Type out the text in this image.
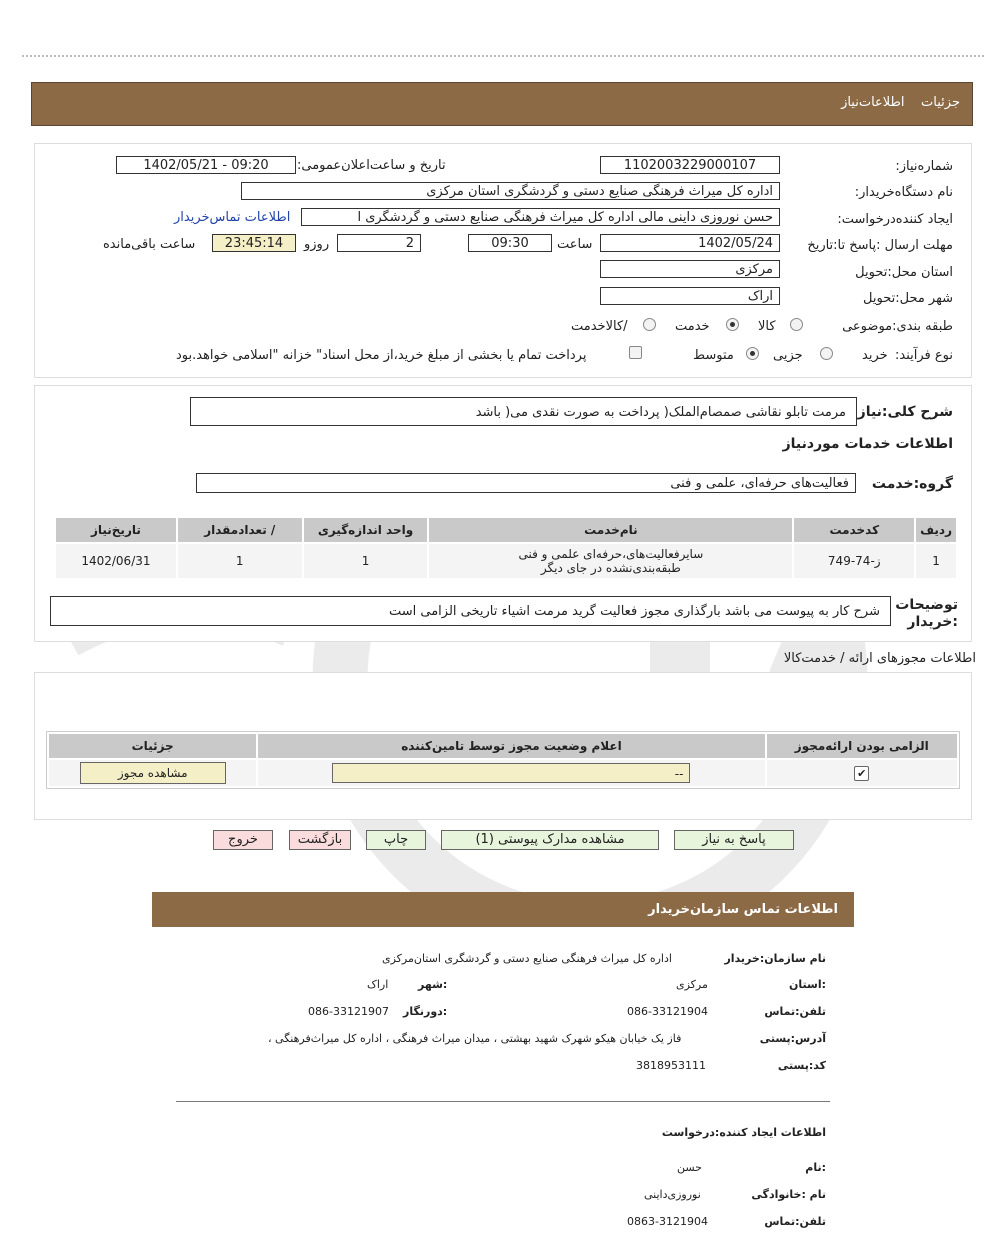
جزئیات    اطلاعات‌نیاز
شماره‌نیاز:
1102003229000107
تاریخ و ساعت‌اعلان‌عمومی:
1402/05/21 - 09:20
نام دستگاه‌خریدار:
اداره کل میراث فرهنگی صنایع دستی و گردشگری استان مرکزی
ایجاد کننده‌درخواست:
حسن نوروزی داینی مالی اداره کل میراث فرهنگی صنایع دستی و گردشگری ا
اطلاعات تماس‌خریدار
مهلت ارسال :پاسخ تا:تاریخ
1402/05/24
ساعت
09:30
2
روزو
23:45:14
ساعت باقی‌مانده
استان محل:تحویل
مرکزی
شهر محل:تحویل
اراک
طبقه بندی:موضوعی
کالا
خدمت
/کالاخدمت
نوع فرآیند:
خرید
جزیی
متوسط
پرداخت تمام یا بخشی از مبلغ خرید،از محل اسناد" خزانه "اسلامی خواهد.بود
شرح کلی:نیاز
مرمت تابلو نقاشی صمصام‌الملک( پرداخت به صورت نقدی می( باشد
اطلاعات خدمات موردنیاز
گروه:خدمت
فعالیت‌های حرفه‌ای، علمی و فنی
ردیف	کدخدمت	نام‌خدمت	واحد اندازه‌گیری	/ تعدادمقدار	تاریخ‌نیاز
1	ز-74-749	سایرفعالیت‌های،حرفه‌ای علمی و فنی
طبقه‌بندی‌نشده در جای دیگر	1	1	1402/06/31
توضیحات
:خریدار
شرح کار به پیوست می باشد بارگذاری مجوز فعالیت گرید مرمت اشیاء تاریخی الزامی است
اطلاعات مجوزهای ارائه / خدمت‌کالا
الزامی بودن ارائه‌مجوز	اعلام وضعیت مجوز توسط تامین‌کننده	جزئیات
✔	--	مشاهده مجوز
پاسخ به نیاز
مشاهده مدارک پیوستی (1)
چاپ
بازگشت
خروج
اطلاعات تماس سازمان‌خریدار
نام سازمان:خریدار
اداره کل میراث فرهنگی صنایع دستی و گردشگری استان‌مرکزی
:استان
مرکزی
:شهر
اراک
تلفن:تماس
086-33121904
:دورنگار
086-33121907
آدرس:پستی
فاز یک خیابان هیکو شهرک شهید بهشتی ، میدان میراث فرهنگی ، اداره کل میراث‌فرهنگی ،
کد:پستی
3818953111
اطلاعات ایجاد کننده:درخواست
:نام
حسن
نام :خانوادگی
نوروزی‌داینی
تلفن:تماس
0863-3121904
